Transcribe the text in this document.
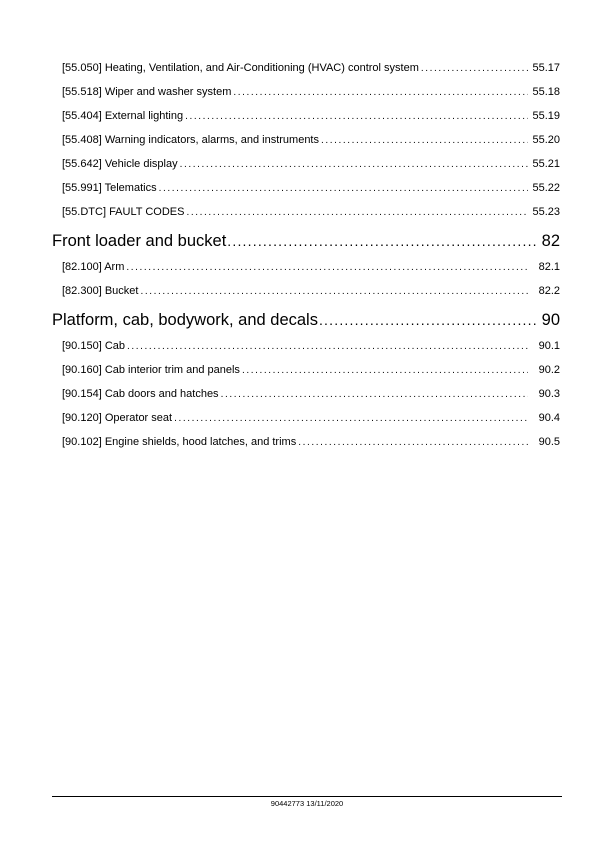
[55.050] Heating, Ventilation, and Air-Conditioning (HVAC) control system .....	55.17
[55.518] Wiper and washer system .....	55.18
[55.404] External lighting .....	55.19
[55.408] Warning indicators, alarms, and instruments .....	55.20
[55.642] Vehicle display .....	55.21
[55.991] Telematics .....	55.22
[55.DTC] FAULT CODES .....	55.23
Front loader and bucket .....	82
[82.100] Arm .....	82.1
[82.300] Bucket .....	82.2
Platform, cab, bodywork, and decals .....	90
[90.150] Cab .....	90.1
[90.160] Cab interior trim and panels .....	90.2
[90.154] Cab doors and hatches .....	90.3
[90.120] Operator seat .....	90.4
[90.102] Engine shields, hood latches, and trims .....	90.5
90442773 13/11/2020
